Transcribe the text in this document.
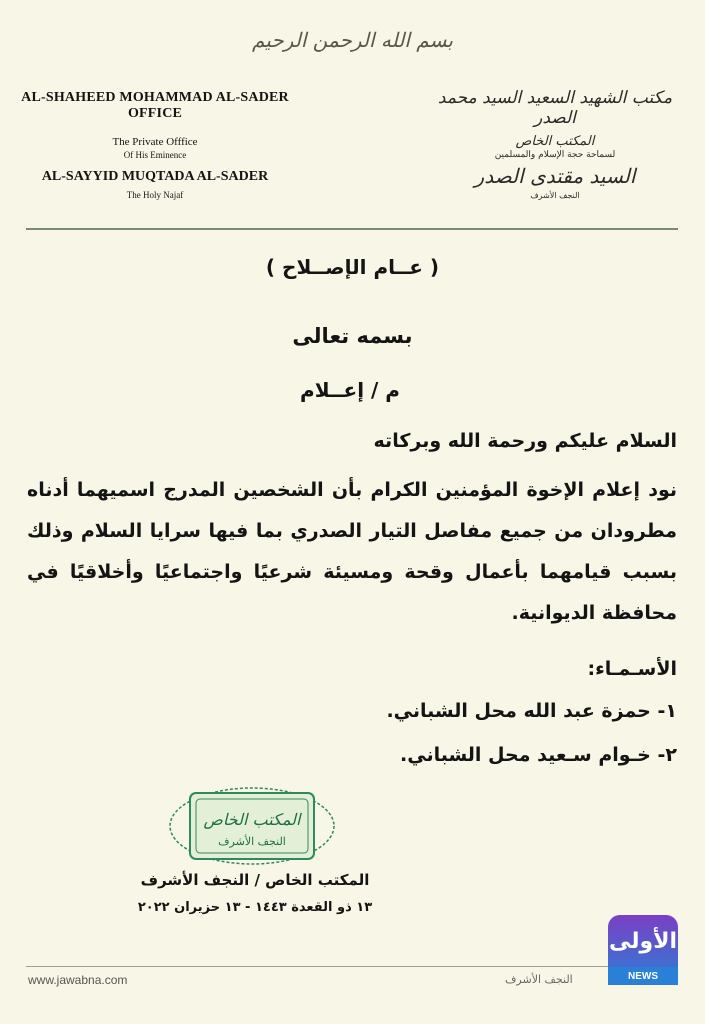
بسم الله الرحمن الرحيم
AL-SHAHEED MOHAMMAD AL-SADER OFFICE
The Private Offfice
Of His Eminence
AL-SAYYID MUQTADA AL-SADER
The Holy Najaf
مكتب الشهيد السعيد السيد محمد الصدر
المكتب الخاص
لسماحة حجة الإسلام والمسلمين
السيد مقتدى الصدر
النجف الأشرف
( عــام الإصــلاح )
بسمه تعالى
م / إعــلام
السلام عليكم ورحمة الله وبركاته
نود إعلام الإخوة المؤمنين الكرام بأن الشخصين المدرج اسميهما أدناه مطرودان من جميع مفاصل التيار الصدري بما فيها سرايا السلام وذلك بسبب قيامهما بأعمال وقحة ومسيئة شرعيًا واجتماعيًا وأخلاقيًا في محافظة الديوانية.
الأسـمـاء:
١- حمزة عبد الله محل الشباني.
٢- خـوام سـعيد محل الشباني.
المكتب الخاص
النجف الأشرف
المكتب الخاص / النجف الأشرف
١٣ ذو القعدة ١٤٤٣ - ١٣ حزيران ٢٠٢٢
www.jawabna.com	النجف الأشرف
الأولى
NEWS
